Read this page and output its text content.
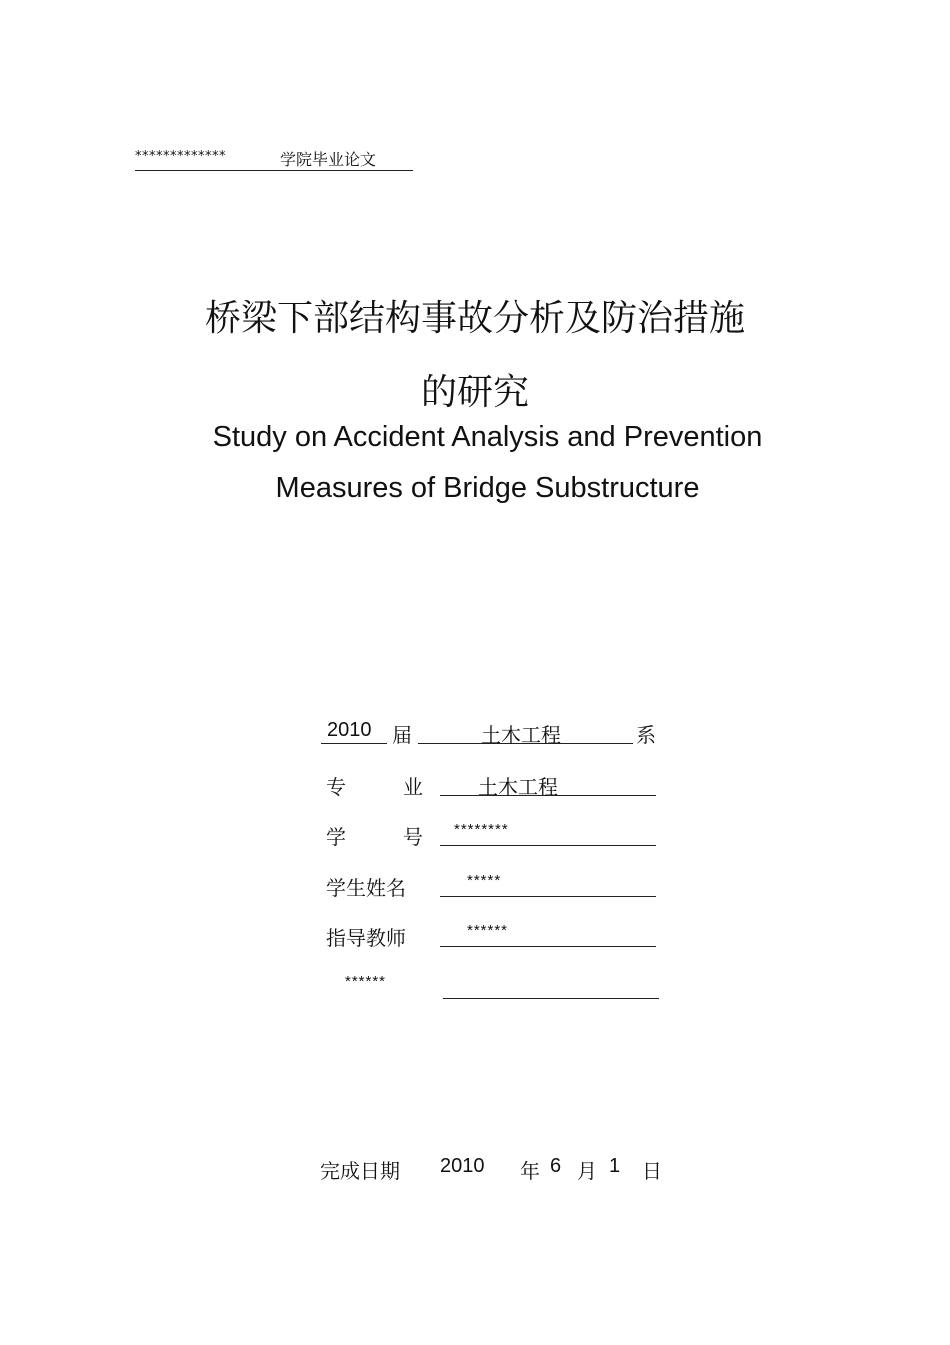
*************	学院毕业论文
桥梁下部结构事故分析及防治措施
的研究
Study on Accident Analysis and Prevention
Measures of Bridge Substructure
2010 届	土木工程	系
专	业	土木工程
学	号 ********
学生姓名	*****
指导教师	******
******
完成日期 2010 年 6 月 1 日
